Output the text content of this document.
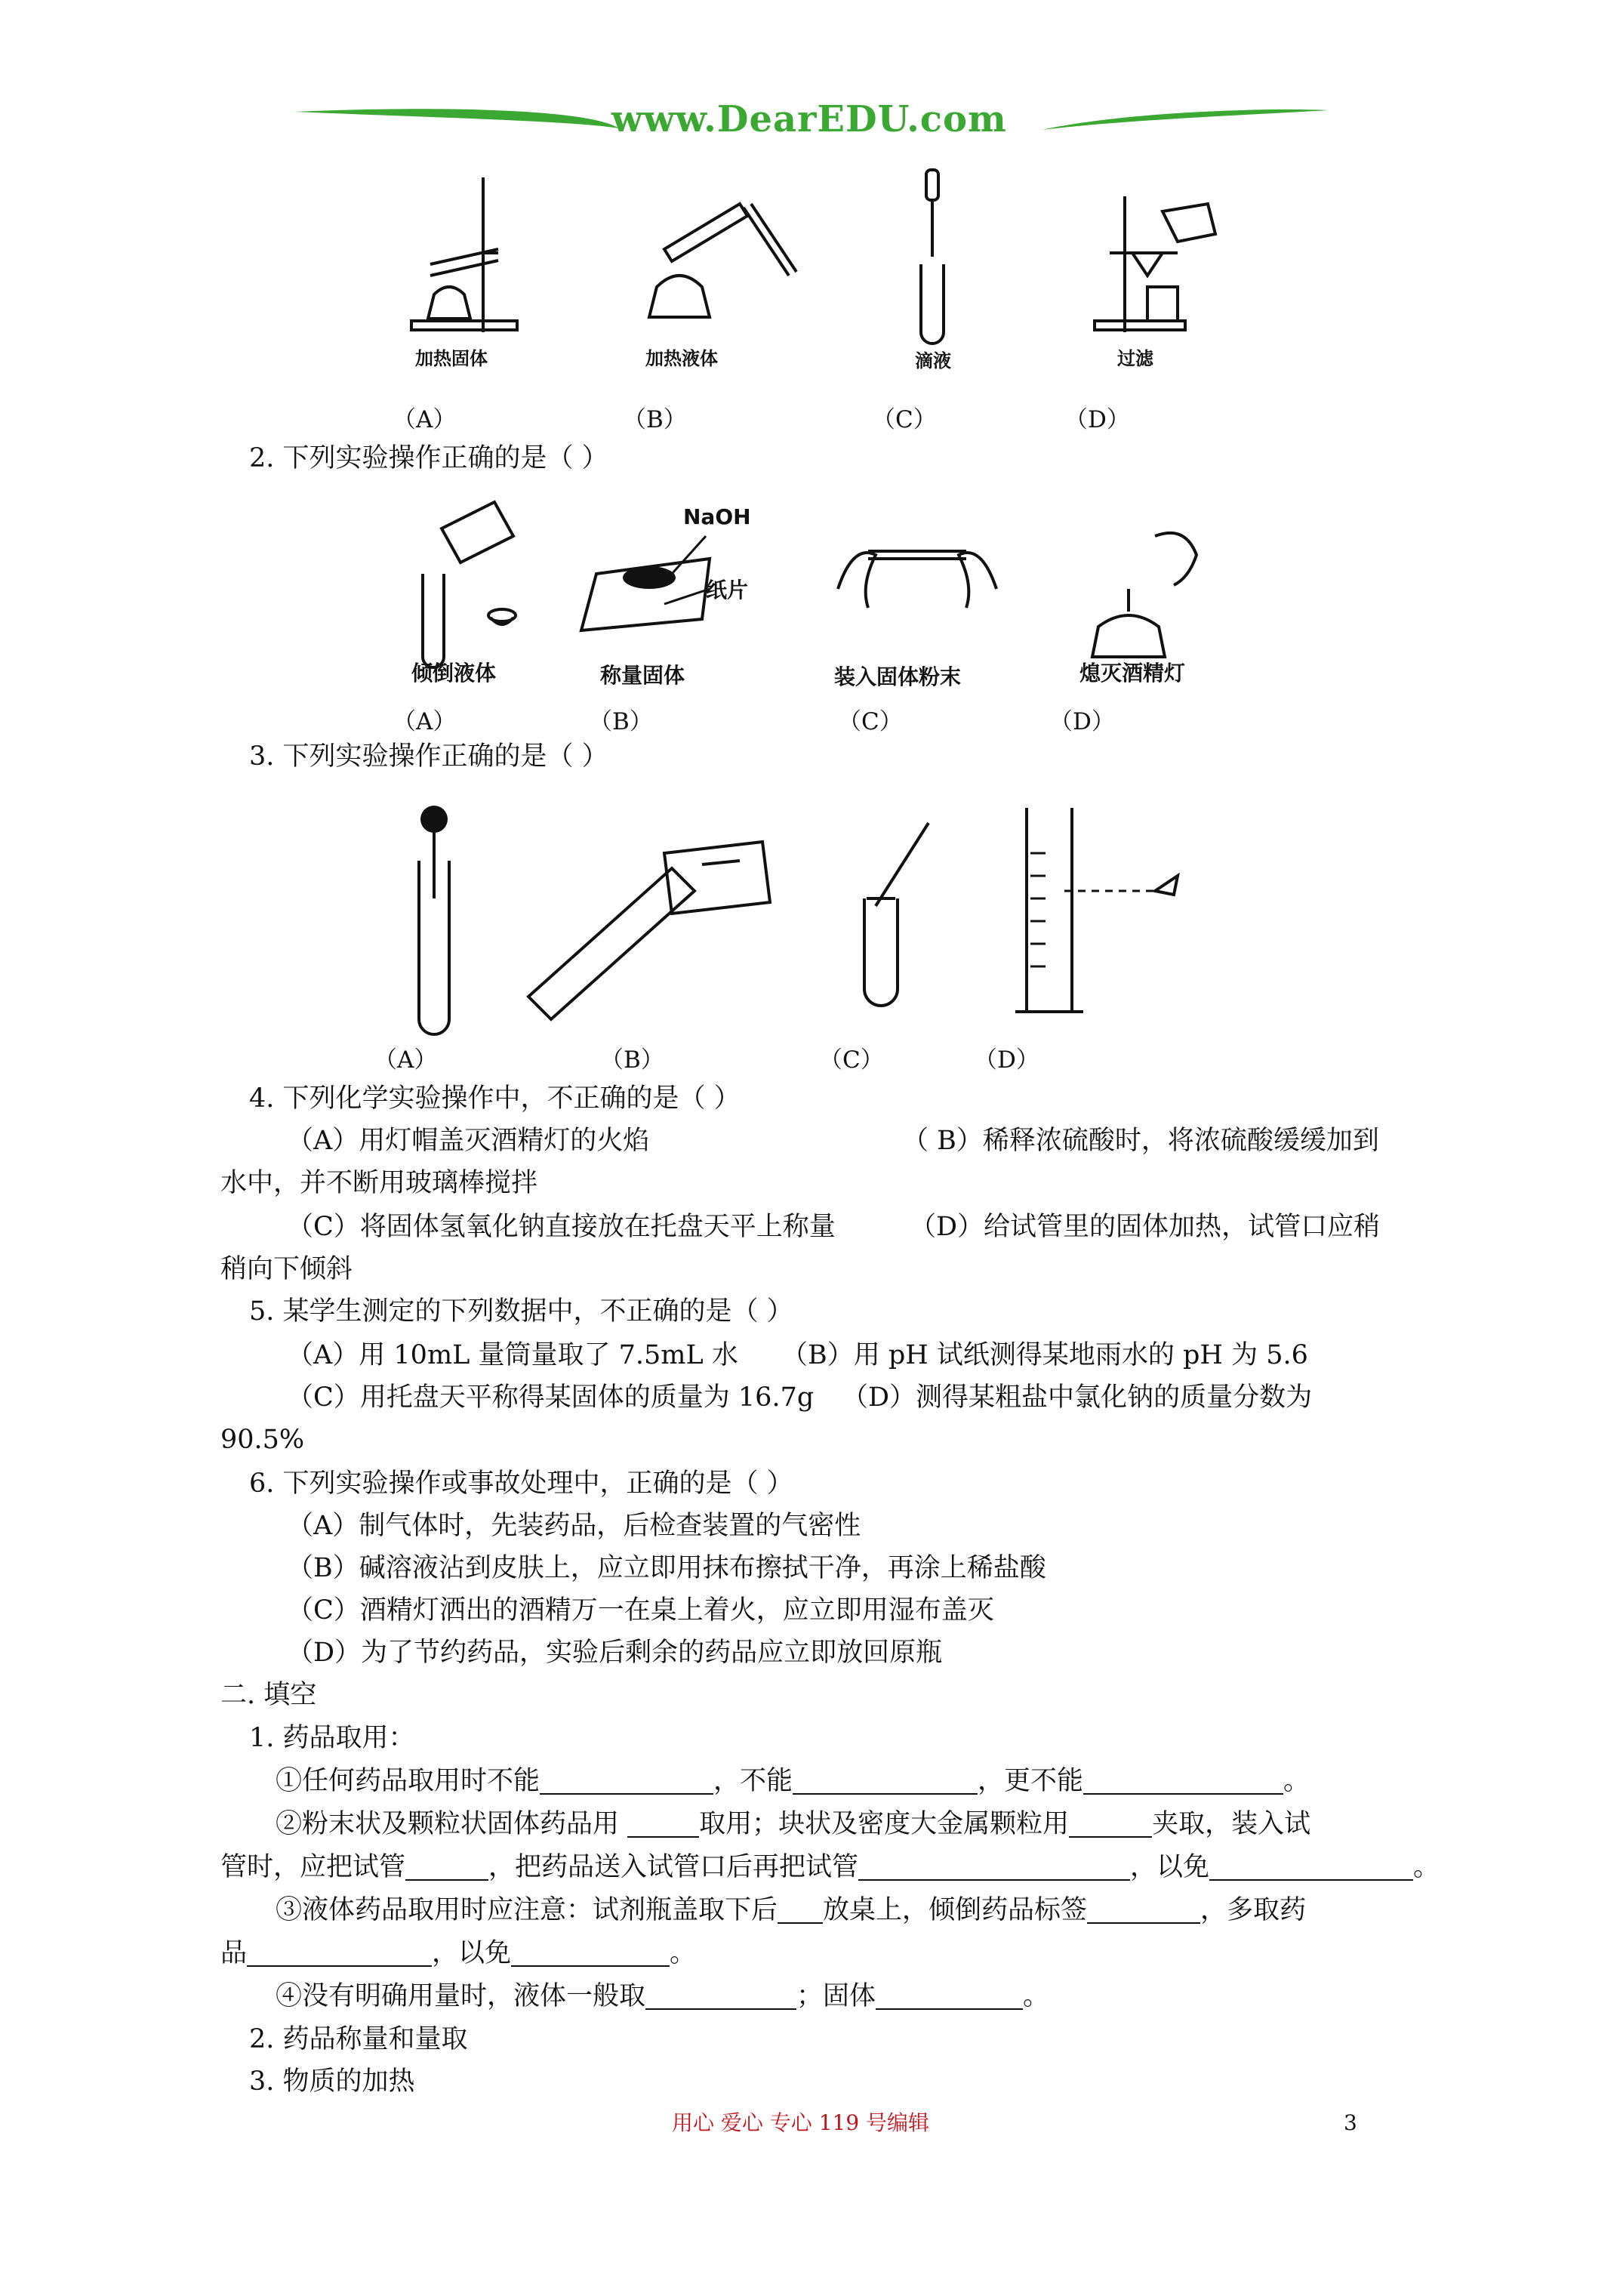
www.DearEDU.com
加热固体	加热液体	滴液	过滤
（A）	（B）	（C）	（D）
2. 下列实验操作正确的是（ ）
NaOH
纸片
倾倒液体	称量固体	装入固体粉末	熄灭酒精灯
（A）	（B）	（C）	（D）
3. 下列实验操作正确的是（ ）
（A）	（B）	（C）	（D）
4. 下列化学实验操作中，不正确的是（ ）
（A）用灯帽盖灭酒精灯的火焰	（ B）稀释浓硫酸时，将浓硫酸缓缓加到
水中，并不断用玻璃棒搅拌
（C）将固体氢氧化钠直接放在托盘天平上称量	（D）给试管里的固体加热，试管口应稍
稍向下倾斜
5. 某学生测定的下列数据中，不正确的是（ ）
（A）用 10mL 量筒量取了 7.5mL 水 （B）用 pH 试纸测得某地雨水的 pH 为 5.6
（C）用托盘天平称得某固体的质量为 16.7g （D）测得某粗盐中氯化钠的质量分数为
90.5%
6. 下列实验操作或事故处理中，正确的是（ ）
（A）制气体时，先装药品，后检查装置的气密性
（B）碱溶液沾到皮肤上，应立即用抹布擦拭干净，再涂上稀盐酸
（C）酒精灯洒出的酒精万一在桌上着火，应立即用湿布盖灭
（D）为了节约药品，实验后剩余的药品应立即放回原瓶
二. 填空
1. 药品取用：
①任何药品取用时不能	，不能	，更不能	。
②粉末状及颗粒状固体药品用	取用；块状及密度大金属颗粒用	夹取，装入试
管时，应把试管	，把药品送入试管口后再把试管	，以免	。
③液体药品取用时应注意：试剂瓶盖取下后 放桌上，倾倒药品标签	，多取药
品	，以免	。
④没有明确用量时，液体一般取	；固体	。
2. 药品称量和量取
3. 物质的加热
用心 爱心 专心 119 号编辑	3
